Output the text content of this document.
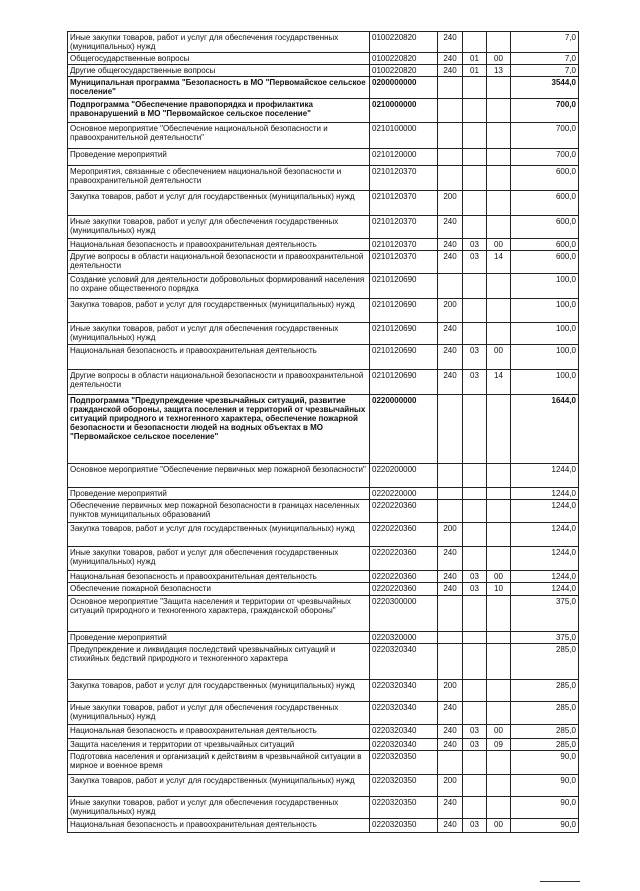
Иные закупки товаров, работ и услуг для обеспечения государственных (муниципальных) нужд	0100220820	240			7,0
Общегосударственные вопросы	0100220820	240	01	00	7,0
Другие общегосударственные вопросы	0100220820	240	01	13	7,0
Муниципальная программа "Безопасность в МО "Первомайское сельское поселение"	0200000000				3544,0
Подпрограмма "Обеспечение правопорядка и профилактика правонарушений в МО "Первомайское сельское поселение"	0210000000				700,0
Основное мероприятие "Обеспечение национальной безопасности и правоохранительной деятельности"	0210100000				700,0
Проведение мероприятий	0210120000				700,0
Мероприятия, связанные с обеспечением национальной безопасности и правоохранительной деятельности	0210120370				600,0
Закупка товаров, работ и услуг для государственных (муниципальных) нужд	0210120370	200			600,0
Иные закупки товаров, работ и услуг для обеспечения государственных (муниципальных) нужд	0210120370	240			600,0
Национальная безопасность и правоохранительная деятельность	0210120370	240	03	00	600,0
Другие вопросы в области национальной безопасности и правоохранительной деятельности	0210120370	240	03	14	600,0
Создание условий для деятельности добровольных формирований населения по охране общественного порядка	0210120690				100,0
Закупка товаров, работ и услуг для государственных (муниципальных) нужд	0210120690	200			100,0
Иные закупки товаров, работ и услуг для обеспечения государственных (муниципальных) нужд	0210120690	240			100,0
Национальная безопасность и правоохранительная деятельность	0210120690	240	03	00	100,0
Другие вопросы в области национальной безопасности и правоохранительной деятельности	0210120690	240	03	14	100,0
Подпрограмма "Предупреждение чрезвычайных ситуаций, развитие гражданской обороны, защита поселения и территорий от чрезвычайных ситуаций природного и техногенного характера, обеспечение пожарной безопасности и безопасности людей на водных объектах в МО "Первомайское сельское поселение"	0220000000				1644,0
Основное мероприятие "Обеспечение первичных мер пожарной безопасности"	0220200000				1244,0
Проведение мероприятий	0220220000				1244,0
Обеспечение первичных мер пожарной безопасности в границах населенных пунктов муниципальных образований	0220220360				1244,0
Закупка товаров, работ и услуг для государственных (муниципальных) нужд	0220220360	200			1244,0
Иные закупки товаров, работ и услуг для обеспечения государственных (муниципальных) нужд	0220220360	240			1244,0
Национальная безопасность и правоохранительная деятельность	0220220360	240	03	00	1244,0
Обеспечение пожарной безопасности	0220220360	240	03	10	1244,0
Основное мероприятие "Защита населения и территории от чрезвычайных ситуаций природного и техногенного характера, гражданской обороны"	0220300000				375,0
Проведение мероприятий	0220320000				375,0
Предупреждение и ликвидация последствий чрезвычайных ситуаций и стихийных бедствий природного и техногенного характера	0220320340				285,0
Закупка товаров, работ и услуг для государственных (муниципальных) нужд	0220320340	200			285,0
Иные закупки товаров, работ и услуг для обеспечения государственных (муниципальных) нужд	0220320340	240			285,0
Национальная безопасность и правоохранительная деятельность	0220320340	240	03	00	285,0
Защита населения и территории от чрезвычайных ситуаций	0220320340	240	03	09	285,0
Подготовка населения и организаций к действиям в чрезвычайной ситуации в мирное и военное время	0220320350				90,0
Закупка товаров, работ и услуг для государственных (муниципальных) нужд	0220320350	200			90,0
Иные закупки товаров, работ и услуг для обеспечения государственных (муниципальных) нужд	0220320350	240			90,0
Национальная безопасность и правоохранительная деятельность	0220320350	240	03	00	90,0
